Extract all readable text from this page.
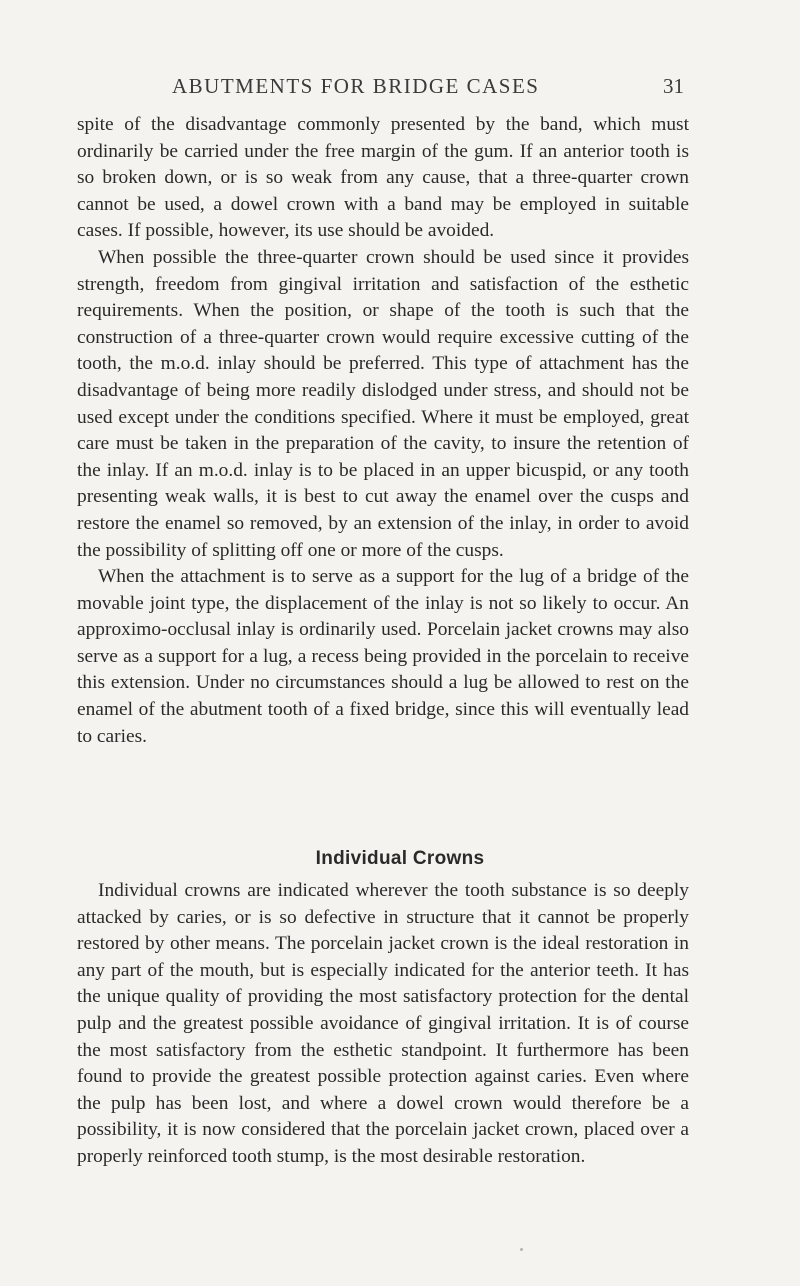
ABUTMENTS FOR BRIDGE CASES	31

spite of the disadvantage commonly presented by the band, which must ordinarily be carried under the free margin of the gum. If an anterior tooth is so broken down, or is so weak from any cause, that a three-quarter crown cannot be used, a dowel crown with a band may be employed in suitable cases. If possible, however, its use should be avoided.

When possible the three-quarter crown should be used since it provides strength, freedom from gingival irritation and satisfaction of the esthetic requirements. When the position, or shape of the tooth is such that the construction of a three-quarter crown would require excessive cutting of the tooth, the m.o.d. inlay should be preferred. This type of attachment has the disadvantage of being more readily dislodged under stress, and should not be used except under the conditions specified. Where it must be employed, great care must be taken in the preparation of the cavity, to insure the retention of the inlay. If an m.o.d. inlay is to be placed in an upper bicuspid, or any tooth presenting weak walls, it is best to cut away the enamel over the cusps and restore the enamel so removed, by an extension of the inlay, in order to avoid the possibility of splitting off one or more of the cusps.

When the attachment is to serve as a support for the lug of a bridge of the movable joint type, the displacement of the inlay is not so likely to occur. An approximo-occlusal inlay is ordinarily used. Porcelain jacket crowns may also serve as a support for a lug, a recess being provided in the porcelain to receive this extension. Under no circumstances should a lug be allowed to rest on the enamel of the abutment tooth of a fixed bridge, since this will eventually lead to caries.

Individual Crowns

Individual crowns are indicated wherever the tooth substance is so deeply attacked by caries, or is so defective in structure that it cannot be properly restored by other means. The porcelain jacket crown is the ideal restoration in any part of the mouth, but is especially indicated for the anterior teeth. It has the unique quality of providing the most satisfactory protection for the dental pulp and the greatest possible avoidance of gingival irritation. It is of course the most satisfactory from the esthetic standpoint. It furthermore has been found to provide the greatest possible protection against caries. Even where the pulp has been lost, and where a dowel crown would therefore be a possibility, it is now considered that the porcelain jacket crown, placed over a properly reinforced tooth stump, is the most desirable restoration.
